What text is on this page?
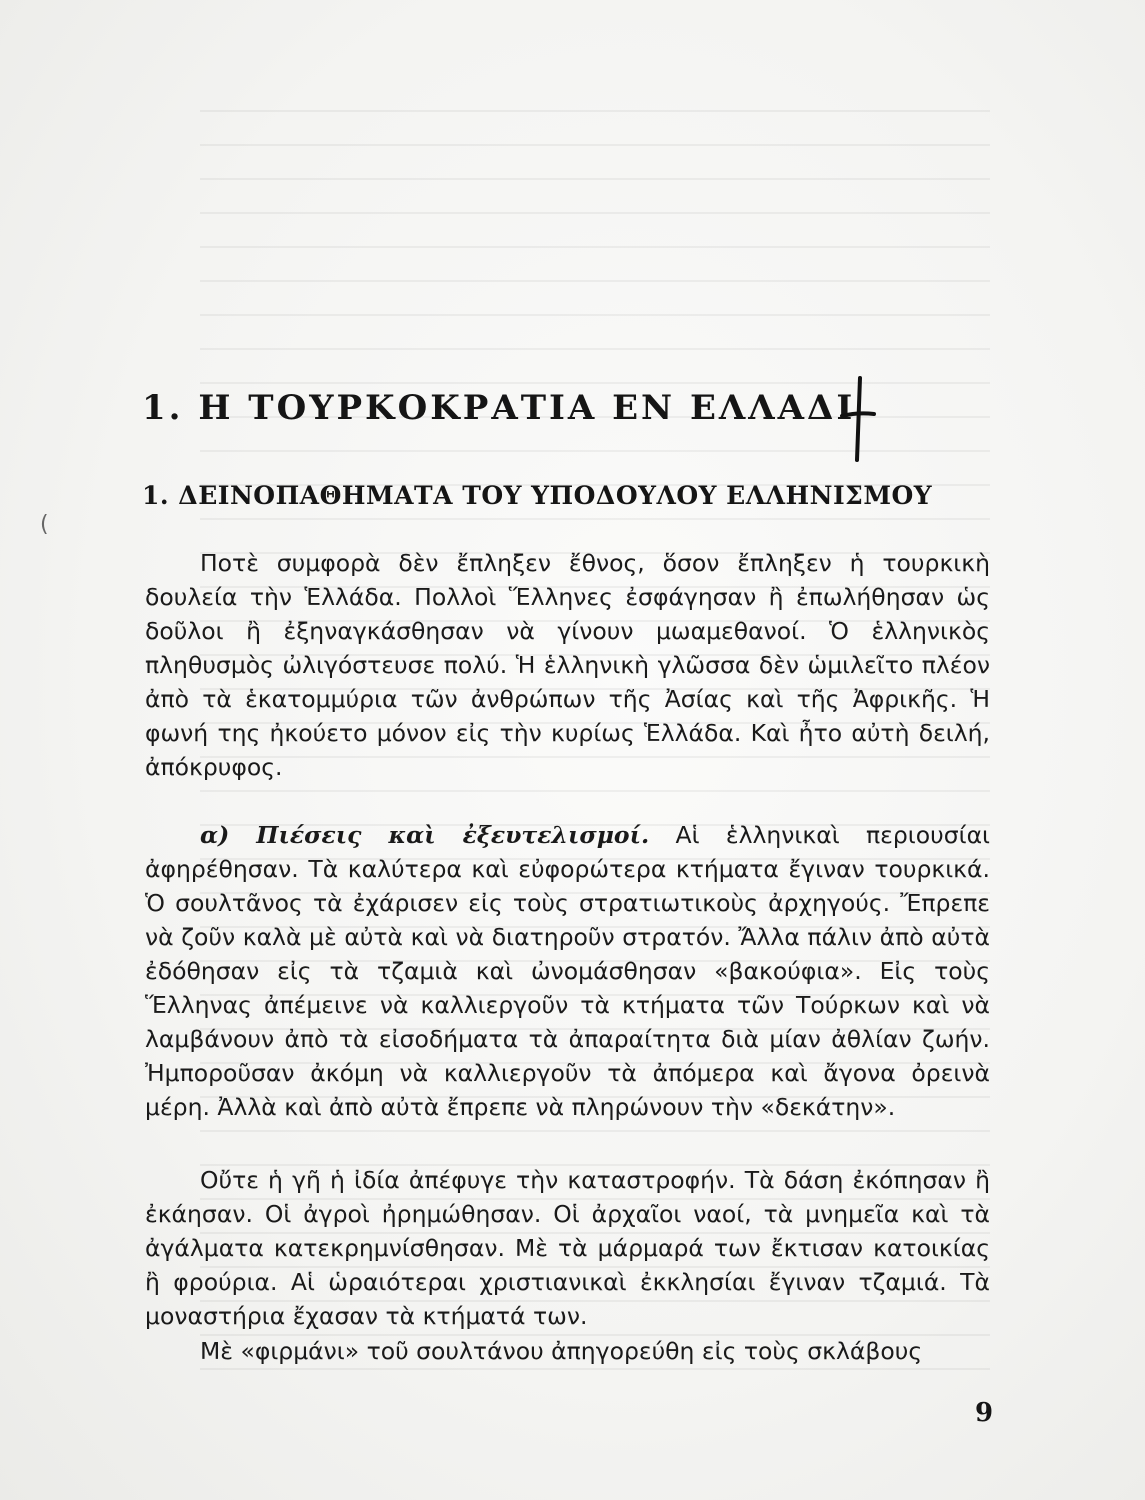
(
1. Η ΤΟΥΡΚΟΚΡΑΤΙΑ ΕΝ ΕΛΛΑΔΙ
1. ΔΕΙΝΟΠΑΘΗΜΑΤΑ ΤΟΥ ΥΠΟΔΟΥΛΟΥ ΕΛΛΗΝΙΣΜΟΥ

Ποτὲ συμφορὰ δὲν ἔπληξεν ἔθνος, ὅσον ἔπληξεν ἡ τουρκικὴ δουλεία τὴν Ἑλλάδα. Πολλοὶ Ἕλληνες ἐσφάγησαν ἢ ἐπωλήθησαν ὡς δοῦλοι ἢ ἐξηναγκάσθησαν νὰ γίνουν μωαμεθανοί. Ὁ ἑλληνικὸς πληθυσμὸς ὠλιγόστευσε πολύ. Ἡ ἑλληνικὴ γλῶσσα δὲν ὡμιλεῖτο πλέον ἀπὸ τὰ ἑκατομμύρια τῶν ἀνθρώπων τῆς Ἀσίας καὶ τῆς Ἀφρικῆς. Ἡ φωνή της ἠκούετο μόνον εἰς τὴν κυρίως Ἑλλάδα. Καὶ ἦτο αὐτὴ δειλή, ἀπόκρυφος.

α) Πιέσεις καὶ ἐξευτελισμοί. Αἱ ἑλληνικαὶ περιουσίαι ἀφηρέθησαν. Τὰ καλύτερα καὶ εὐφορώτερα κτήματα ἔγιναν τουρκικά. Ὁ σουλτᾶνος τὰ ἐχάρισεν εἰς τοὺς στρατιωτικοὺς ἀρχηγούς. Ἔπρεπε νὰ ζοῦν καλὰ μὲ αὐτὰ καὶ νὰ διατηροῦν στρατόν. Ἄλλα πάλιν ἀπὸ αὐτὰ ἐδόθησαν εἰς τὰ τζαμιὰ καὶ ὠνομάσθησαν «βακούφια». Εἰς τοὺς Ἕλληνας ἀπέμεινε νὰ καλλιεργοῦν τὰ κτήματα τῶν Τούρκων καὶ νὰ λαμβάνουν ἀπὸ τὰ εἰσοδήματα τὰ ἀπαραίτητα διὰ μίαν ἀθλίαν ζωήν. Ἠμποροῦσαν ἀκόμη νὰ καλλιεργοῦν τὰ ἀπόμερα καὶ ἄγονα ὀρεινὰ μέρη. Ἀλλὰ καὶ ἀπὸ αὐτὰ ἔπρεπε νὰ πληρώνουν τὴν «δεκάτην».

Οὔτε ἡ γῆ ἡ ἰδία ἀπέφυγε τὴν καταστροφήν. Τὰ δάση ἐκόπησαν ἢ ἐκάησαν. Οἱ ἀγροὶ ἠρημώθησαν. Οἱ ἀρχαῖοι ναοί, τὰ μνημεῖα καὶ τὰ ἀγάλματα κατεκρημνίσθησαν. Μὲ τὰ μάρμαρά των ἔκτισαν κατοικίας ἢ φρούρια. Αἱ ὡραιότεραι χριστιανικαὶ ἐκκλησίαι ἔγιναν τζαμιά. Τὰ μοναστήρια ἔχασαν τὰ κτήματά των.

Μὲ «φιρμάνι» τοῦ σουλτάνου ἀπηγορεύθη εἰς τοὺς σκλάβους

9
